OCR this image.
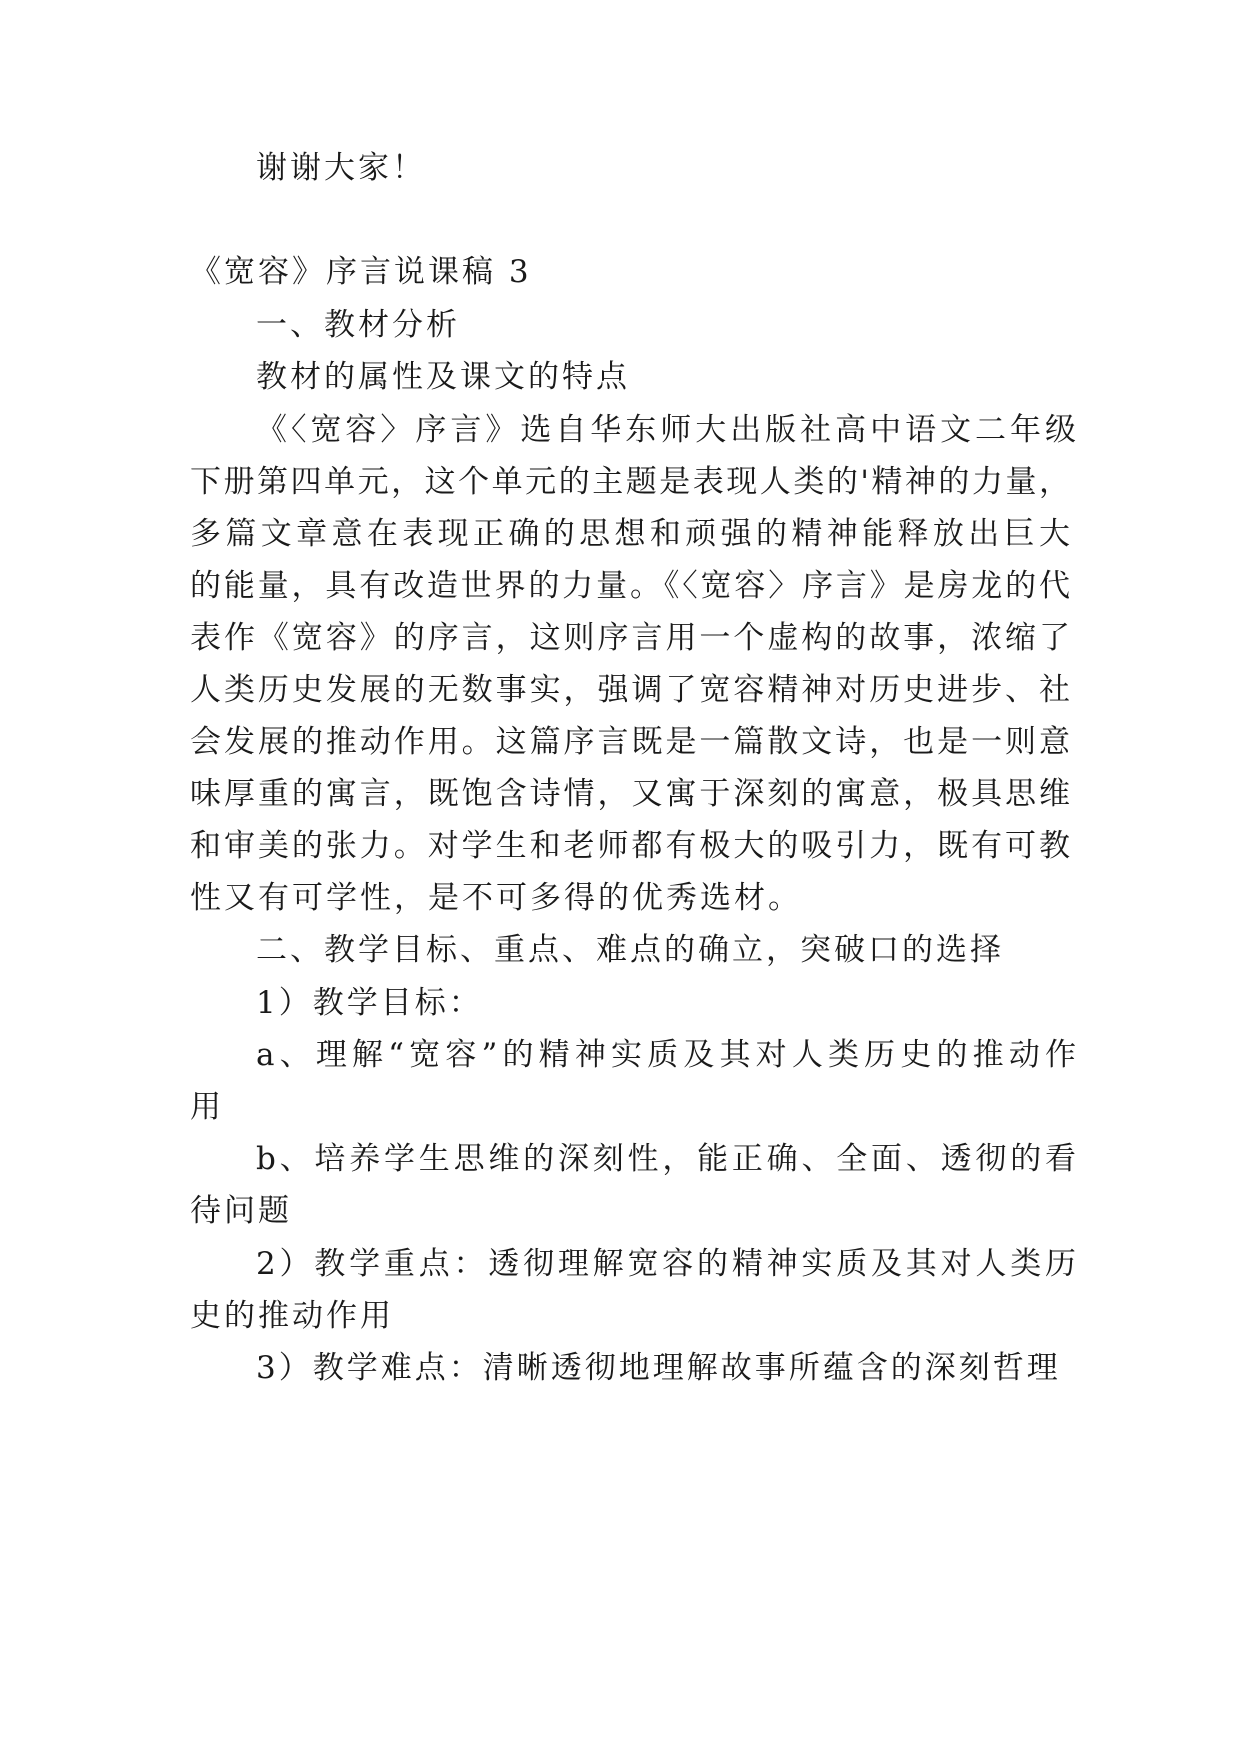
谢谢大家！
《宽容》序言说课稿 3
一、教材分析
教材的属性及课文的特点
《〈宽容〉序言》选自华东师大出版社高中语文二年级
下册第四单元，这个单元的主题是表现人类的'精神的力量，
多篇文章意在表现正确的思想和顽强的精神能释放出巨大
的能量，具有改造世界的力量。《〈宽容〉序言》是房龙的代
表作《宽容》的序言，这则序言用一个虚构的故事，浓缩了
人类历史发展的无数事实，强调了宽容精神对历史进步、社
会发展的推动作用。这篇序言既是一篇散文诗，也是一则意
味厚重的寓言，既饱含诗情，又寓于深刻的寓意，极具思维
和审美的张力。对学生和老师都有极大的吸引力，既有可教
性又有可学性，是不可多得的优秀选材。
二、教学目标、重点、难点的确立，突破口的选择
1）教学目标：
a、理解“宽容”的精神实质及其对人类历史的推动作
用
b、培养学生思维的深刻性，能正确、全面、透彻的看
待问题
2）教学重点：透彻理解宽容的精神实质及其对人类历
史的推动作用
3）教学难点：清晰透彻地理解故事所蕴含的深刻哲理
